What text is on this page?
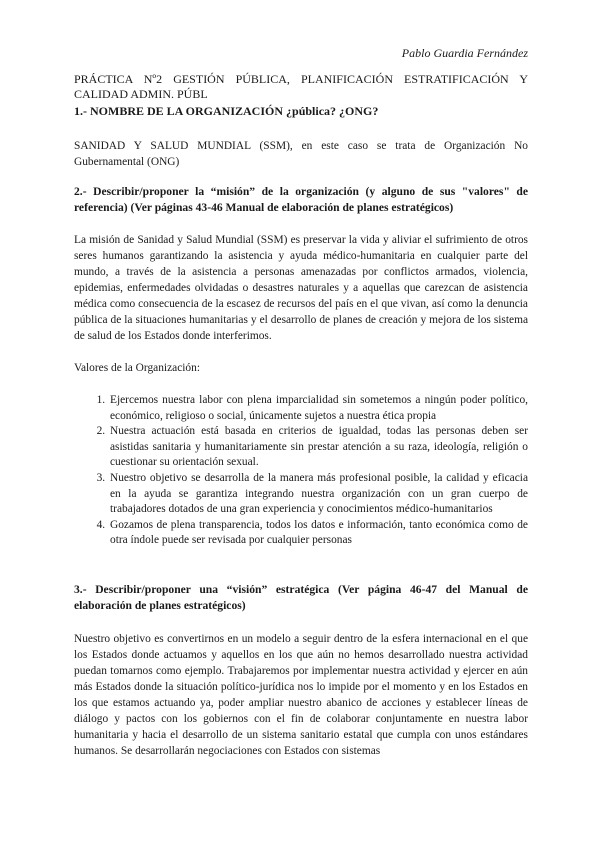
Pablo Guardia Fernández
PRÁCTICA Nº2 GESTIÓN PÚBLICA, PLANIFICACIÓN ESTRATIFICACIÓN Y CALIDAD ADMIN. PÚBL
1.- NOMBRE DE LA ORGANIZACIÓN ¿pública? ¿ONG?
SANIDAD Y SALUD MUNDIAL (SSM), en este caso se trata de Organización No Gubernamental (ONG)
2.- Describir/proponer la “misión” de la organización (y alguno de sus "valores" de referencia) (Ver páginas 43-46 Manual de elaboración de planes estratégicos)
La misión de Sanidad y Salud Mundial (SSM) es preservar la vida y aliviar el sufrimiento de otros seres humanos garantizando la asistencia y ayuda médico-humanitaria en cualquier parte del mundo, a través de la asistencia a personas amenazadas por conflictos armados, violencia, epidemias, enfermedades olvidadas o desastres naturales y a aquellas que carezcan de asistencia médica como consecuencia de la escasez de recursos del país en el que vivan, así como la denuncia pública de la situaciones humanitarias y el desarrollo de planes de creación y mejora de los sistema de salud de los Estados donde interferimos.
Valores de la Organización:
1. Ejercemos nuestra labor con plena imparcialidad sin sometemos a ningún poder político, económico, religioso o social, únicamente sujetos a nuestra ética propia
2. Nuestra actuación está basada en criterios de igualdad, todas las personas deben ser asistidas sanitaria y humanitariamente sin prestar atención a su raza, ideología, religión o cuestionar su orientación sexual.
3. Nuestro objetivo se desarrolla de la manera más profesional posible, la calidad y eficacia en la ayuda se garantiza integrando nuestra organización con un gran cuerpo de trabajadores dotados de una gran experiencia y conocimientos médico-humanitarios
4. Gozamos de plena transparencia, todos los datos e información, tanto económica como de otra índole puede ser revisada por cualquier personas
3.- Describir/proponer una “visión” estratégica (Ver página 46-47 del Manual de elaboración de planes estratégicos)
Nuestro objetivo es convertirnos en un modelo a seguir dentro de la esfera internacional en el que los Estados donde actuamos y aquellos en los que aún no hemos desarrollado nuestra actividad puedan tomarnos como ejemplo. Trabajaremos por implementar nuestra actividad y ejercer en aún más Estados donde la situación político-jurídica nos lo impide por el momento y en los Estados en los que estamos actuando ya, poder ampliar nuestro abanico de acciones y establecer líneas de diálogo y pactos con los gobiernos con el fin de colaborar conjuntamente en nuestra labor humanitaria y hacia el desarrollo de un sistema sanitario estatal que cumpla con unos estándares humanos. Se desarrollarán negociaciones con Estados con sistemas
